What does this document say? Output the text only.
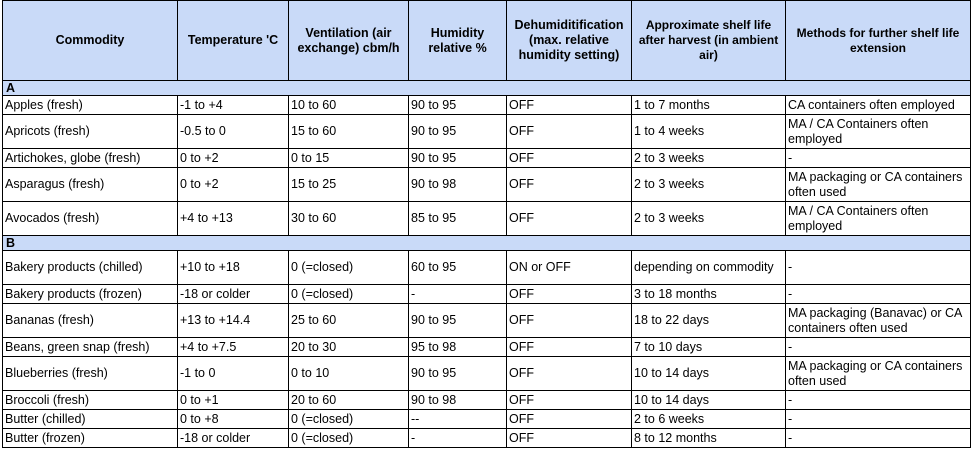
Commodity	Temperature 'C	Ventilation (air exchange) cbm/h	Humidity relative %	Dehumiditification (max. relative humidity setting)	Approximate shelf life after harvest (in ambient air)	Methods for further shelf life extension
A						
Apples (fresh)	-1 to +4	10 to 60	90 to 95	OFF	1 to 7 months	CA containers often employed
Apricots (fresh)	-0.5 to 0	15 to 60	90 to 95	OFF	1 to 4 weeks	MA / CA Containers often employed
Artichokes, globe (fresh)	0 to +2	0 to 15	90 to 95	OFF	2 to 3 weeks	-
Asparagus (fresh)	0 to +2	15 to 25	90 to 98	OFF	2 to 3 weeks	MA packaging or CA containers often used
Avocados (fresh)	+4 to +13	30 to 60	85 to 95	OFF	2 to 3 weeks	MA / CA Containers often employed
B						
Bakery products (chilled)	+10 to +18	0 (=closed)	60 to 95	ON or OFF	depending on commodity	-
Bakery products (frozen)	-18 or colder	0 (=closed)	-	OFF	3 to 18 months	-
Bananas (fresh)	+13 to +14.4	25 to 60	90 to 95	OFF	18 to 22 days	MA packaging (Banavac) or CA containers often used
Beans, green snap (fresh)	+4 to +7.5	20 to 30	95 to 98	OFF	7 to 10 days	-
Blueberries (fresh)	-1 to 0	0 to 10	90 to 95	OFF	10 to 14 days	MA packaging or CA containers often used
Broccoli (fresh)	0 to +1	20 to 60	90 to 98	OFF	10 to 14 days	-
Butter (chilled)	0 to +8	0 (=closed)	--	OFF	2 to 6 weeks	-
Butter (frozen)	-18 or colder	0 (=closed)	-	OFF	8 to 12 months	-
